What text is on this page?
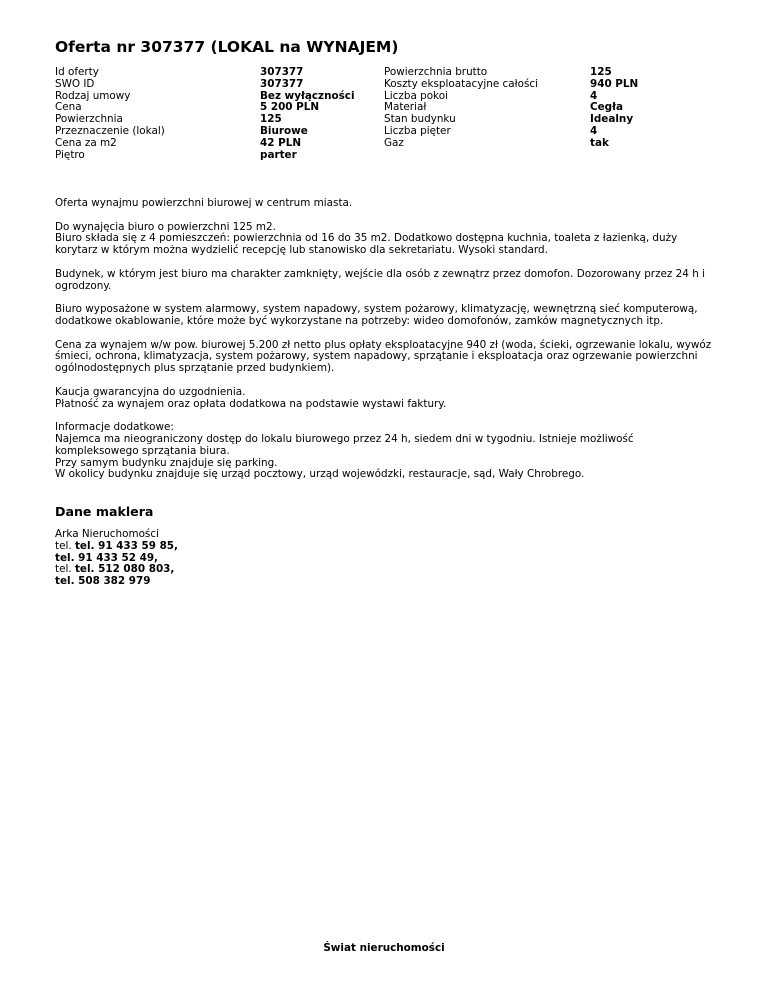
Oferta nr 307377 (LOKAL na WYNAJEM)
Id oferty
SWO ID
Rodzaj umowy
Cena
Powierzchnia
Przeznaczenie (lokal)
Cena za m2
Piętro
307377
307377
Bez wyłączności
5 200 PLN
125
Biurowe
42 PLN
parter
Powierzchnia brutto
Koszty eksploatacyjne całości
Liczba pokoi
Materiał
Stan budynku
Liczba pięter
Gaz
125
940 PLN
4
Cegła
Idealny
4
tak

Oferta wynajmu powierzchni biurowej w centrum miasta.

Do wynajęcia biuro o powierzchni 125 m2.
Biuro składa się z 4 pomieszczeń: powierzchnia od 16 do 35 m2. Dodatkowo dostępna kuchnia, toaleta z łazienką, duży korytarz w którym można wydzielić recepcję lub stanowisko dla sekretariatu. Wysoki standard.

Budynek, w którym jest biuro ma charakter zamknięty, wejście dla osób z zewnątrz przez domofon. Dozorowany przez 24 h i ogrodzony.

Biuro wyposażone w system alarmowy, system napadowy, system pożarowy, klimatyzację, wewnętrzną sieć komputerową, dodatkowe okablowanie, które może być wykorzystane na potrzeby: wideo domofonów, zamków magnetycznych itp.

Cena za wynajem w/w pow. biurowej 5.200 zł netto plus opłaty eksploatacyjne 940 zł (woda, ścieki, ogrzewanie lokalu, wywóz śmieci, ochrona, klimatyzacja, system pożarowy, system napadowy, sprzątanie i eksploatacja oraz ogrzewanie powierzchni ogólnodostępnych plus sprzątanie przed budynkiem).

Kaucja gwarancyjna do uzgodnienia.
Płatność za wynajem oraz opłata dodatkowa na podstawie wystawi faktury.

Informacje dodatkowe:
Najemca ma nieograniczony dostęp do lokalu biurowego przez 24 h, siedem dni w tygodniu. Istnieje możliwość kompleksowego sprzątania biura.
Przy samym budynku znajduje się parking.
W okolicy budynku znajduje się urząd pocztowy, urząd wojewódzki, restauracje, sąd, Wały Chrobrego.

Dane maklera
Arka Nieruchomości
tel. tel. 91 433 59 85,
tel. 91 433 52 49,
tel. tel. 512 080 803,
tel. 508 382 979
Świat nieruchomości
